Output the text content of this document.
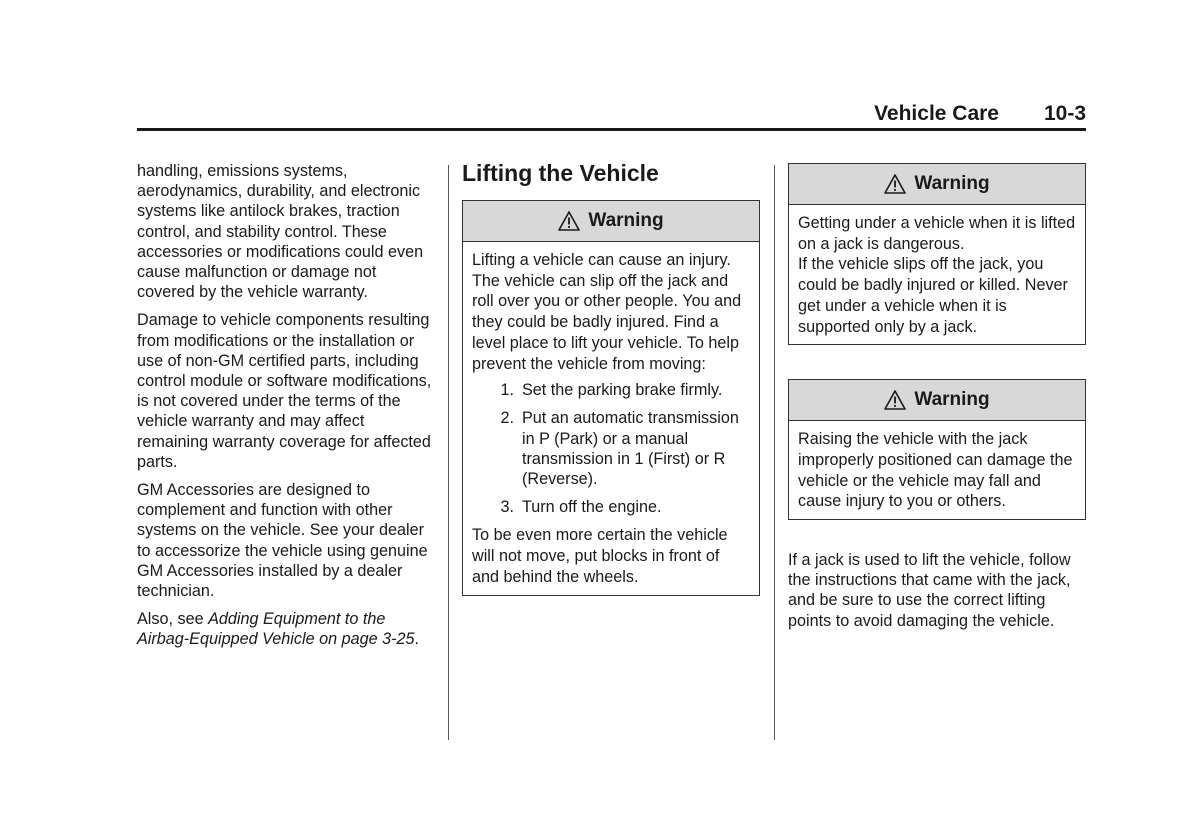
Vehicle Care 10-3

handling, emissions systems, aerodynamics, durability, and electronic systems like antilock brakes, traction control, and stability control. These accessories or modifications could even cause malfunction or damage not covered by the vehicle warranty.

Damage to vehicle components resulting from modifications or the installation or use of non-GM certified parts, including control module or software modifications, is not covered under the terms of the vehicle warranty and may affect remaining warranty coverage for affected parts.

GM Accessories are designed to complement and function with other systems on the vehicle. See your dealer to accessorize the vehicle using genuine GM Accessories installed by a dealer technician.

Also, see Adding Equipment to the Airbag-Equipped Vehicle on page 3-25.

Lifting the Vehicle
Warning

Lifting a vehicle can cause an injury. The vehicle can slip off the jack and roll over you or other people. You and they could be badly injured. Find a level place to lift your vehicle. To help prevent the vehicle from moving:

1. Set the parking brake firmly.
2. Put an automatic transmission in P (Park) or a manual transmission in 1 (First) or R (Reverse).
3. Turn off the engine.

To be even more certain the vehicle will not move, put blocks in front of and behind the wheels.

Warning

Getting under a vehicle when it is lifted on a jack is dangerous.

If the vehicle slips off the jack, you could be badly injured or killed. Never get under a vehicle when it is supported only by a jack.

Warning

Raising the vehicle with the jack improperly positioned can damage the vehicle or the vehicle may fall and cause injury to you or others.

If a jack is used to lift the vehicle, follow the instructions that came with the jack, and be sure to use the correct lifting points to avoid damaging the vehicle.
